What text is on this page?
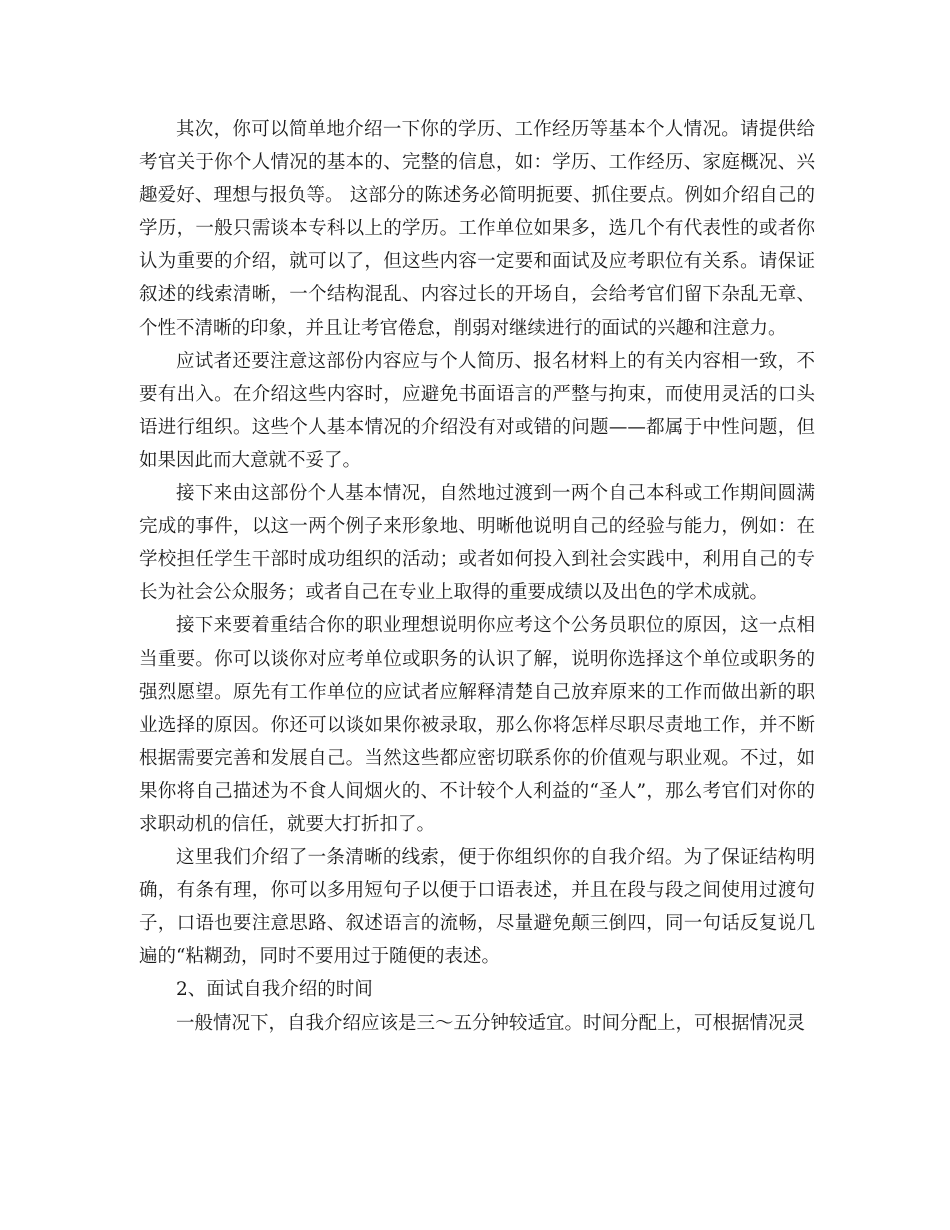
其次，你可以简单地介绍一下你的学历、工作经历等基本个人情况。请提供给考官关于你个人情况的基本的、完整的信息，如：学历、工作经历、家庭概况、兴趣爱好、理想与报负等。 这部分的陈述务必简明扼要、抓住要点。例如介绍自己的学历，一般只需谈本专科以上的学历。工作单位如果多，选几个有代表性的或者你认为重要的介绍，就可以了，但这些内容一定要和面试及应考职位有关系。请保证叙述的线索清晰，一个结构混乱、内容过长的开场自，会给考官们留下杂乱无章、个性不清晰的印象，并且让考官倦怠，削弱对继续进行的面试的兴趣和注意力。

应试者还要注意这部份内容应与个人简历、报名材料上的有关内容相一致，不要有出入。在介绍这些内容时，应避免书面语言的严整与拘束，而使用灵活的口头语进行组织。这些个人基本情况的介绍没有对或错的问题——都属于中性问题，但如果因此而大意就不妥了。

接下来由这部份个人基本情况，自然地过渡到一两个自己本科或工作期间圆满完成的事件，以这一两个例子来形象地、明晰他说明自己的经验与能力，例如：在学校担任学生干部时成功组织的活动；或者如何投入到社会实践中，利用自己的专长为社会公众服务；或者自己在专业上取得的重要成绩以及出色的学术成就。

接下来要着重结合你的职业理想说明你应考这个公务员职位的原因，这一点相当重要。你可以谈你对应考单位或职务的认识了解，说明你选择这个单位或职务的强烈愿望。原先有工作单位的应试者应解释清楚自己放弃原来的工作而做出新的职业选择的原因。你还可以谈如果你被录取，那么你将怎样尽职尽责地工作，并不断根据需要完善和发展自己。当然这些都应密切联系你的价值观与职业观。不过，如果你将自己描述为不食人间烟火的、不计较个人利益的“圣人”，那么考官们对你的求职动机的信任，就要大打折扣了。

这里我们介绍了一条清晰的线索，便于你组织你的自我介绍。为了保证结构明确，有条有理，你可以多用短句子以便于口语表述，并且在段与段之间使用过渡句子，口语也要注意思路、叙述语言的流畅，尽量避免颠三倒四，同一句话反复说几遍的“粘糊劲，同时不要用过于随便的表述。

2、面试自我介绍的时间

一般情况下，自我介绍应该是三～五分钟较适宜。时间分配上，可根据情况灵
